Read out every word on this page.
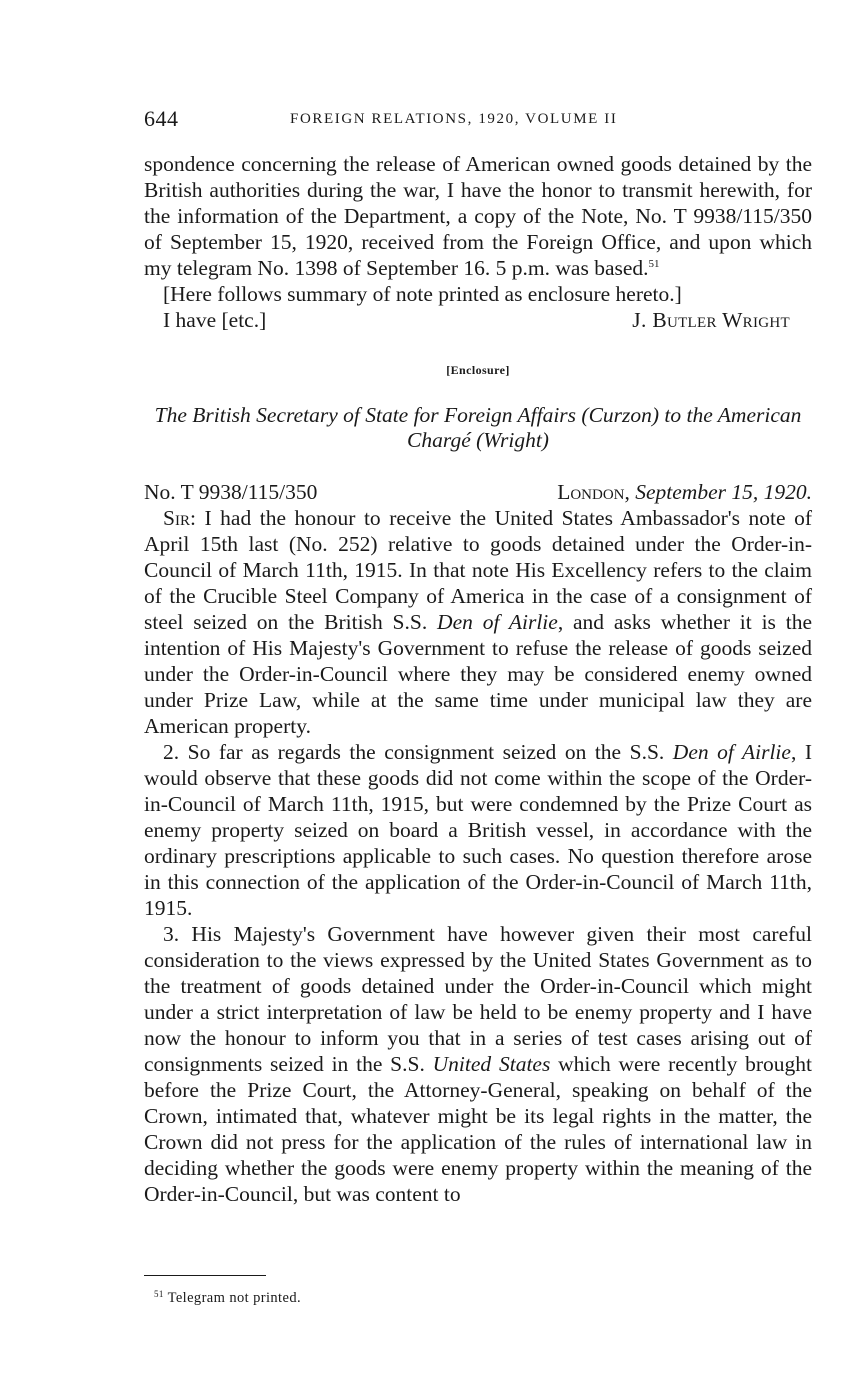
644	FOREIGN RELATIONS, 1920, VOLUME II

spondence concerning the release of American owned goods detained by the British authorities during the war, I have the honor to transmit herewith, for the information of the Department, a copy of the Note, No. T 9938/115/350 of September 15, 1920, received from the Foreign Office, and upon which my telegram No. 1398 of September 16. 5 p.m. was based.$^{51}$

[Here follows summary of note printed as enclosure hereto.]

I have [etc.]	J. Butler Wright
[Enclosure]
The British Secretary of State for Foreign Affairs (Curzon) to the American Chargé (Wright)
No. T 9938/115/350	London, September 15, 1920.

Sir: I had the honour to receive the United States Ambassador's note of April 15th last (No. 252) relative to goods detained under the Order-in-Council of March 11th, 1915. In that note His Excellency refers to the claim of the Crucible Steel Company of America in the case of a consignment of steel seized on the British S.S. Den of Airlie, and asks whether it is the intention of His Majesty's Government to refuse the release of goods seized under the Order-in-Council where they may be considered enemy owned under Prize Law, while at the same time under municipal law they are American property.

2. So far as regards the consignment seized on the S.S. Den of Airlie, I would observe that these goods did not come within the scope of the Order-in-Council of March 11th, 1915, but were condemned by the Prize Court as enemy property seized on board a British vessel, in accordance with the ordinary prescriptions applicable to such cases. No question therefore arose in this connection of the application of the Order-in-Council of March 11th, 1915.

3. His Majesty's Government have however given their most careful consideration to the views expressed by the United States Government as to the treatment of goods detained under the Order-in-Council which might under a strict interpretation of law be held to be enemy property and I have now the honour to inform you that in a series of test cases arising out of consignments seized in the S.S. United States which were recently brought before the Prize Court, the Attorney-General, speaking on behalf of the Crown, intimated that, whatever might be its legal rights in the matter, the Crown did not press for the application of the rules of international law in deciding whether the goods were enemy property within the meaning of the Order-in-Council, but was content to

$^{51}$ Telegram not printed.
